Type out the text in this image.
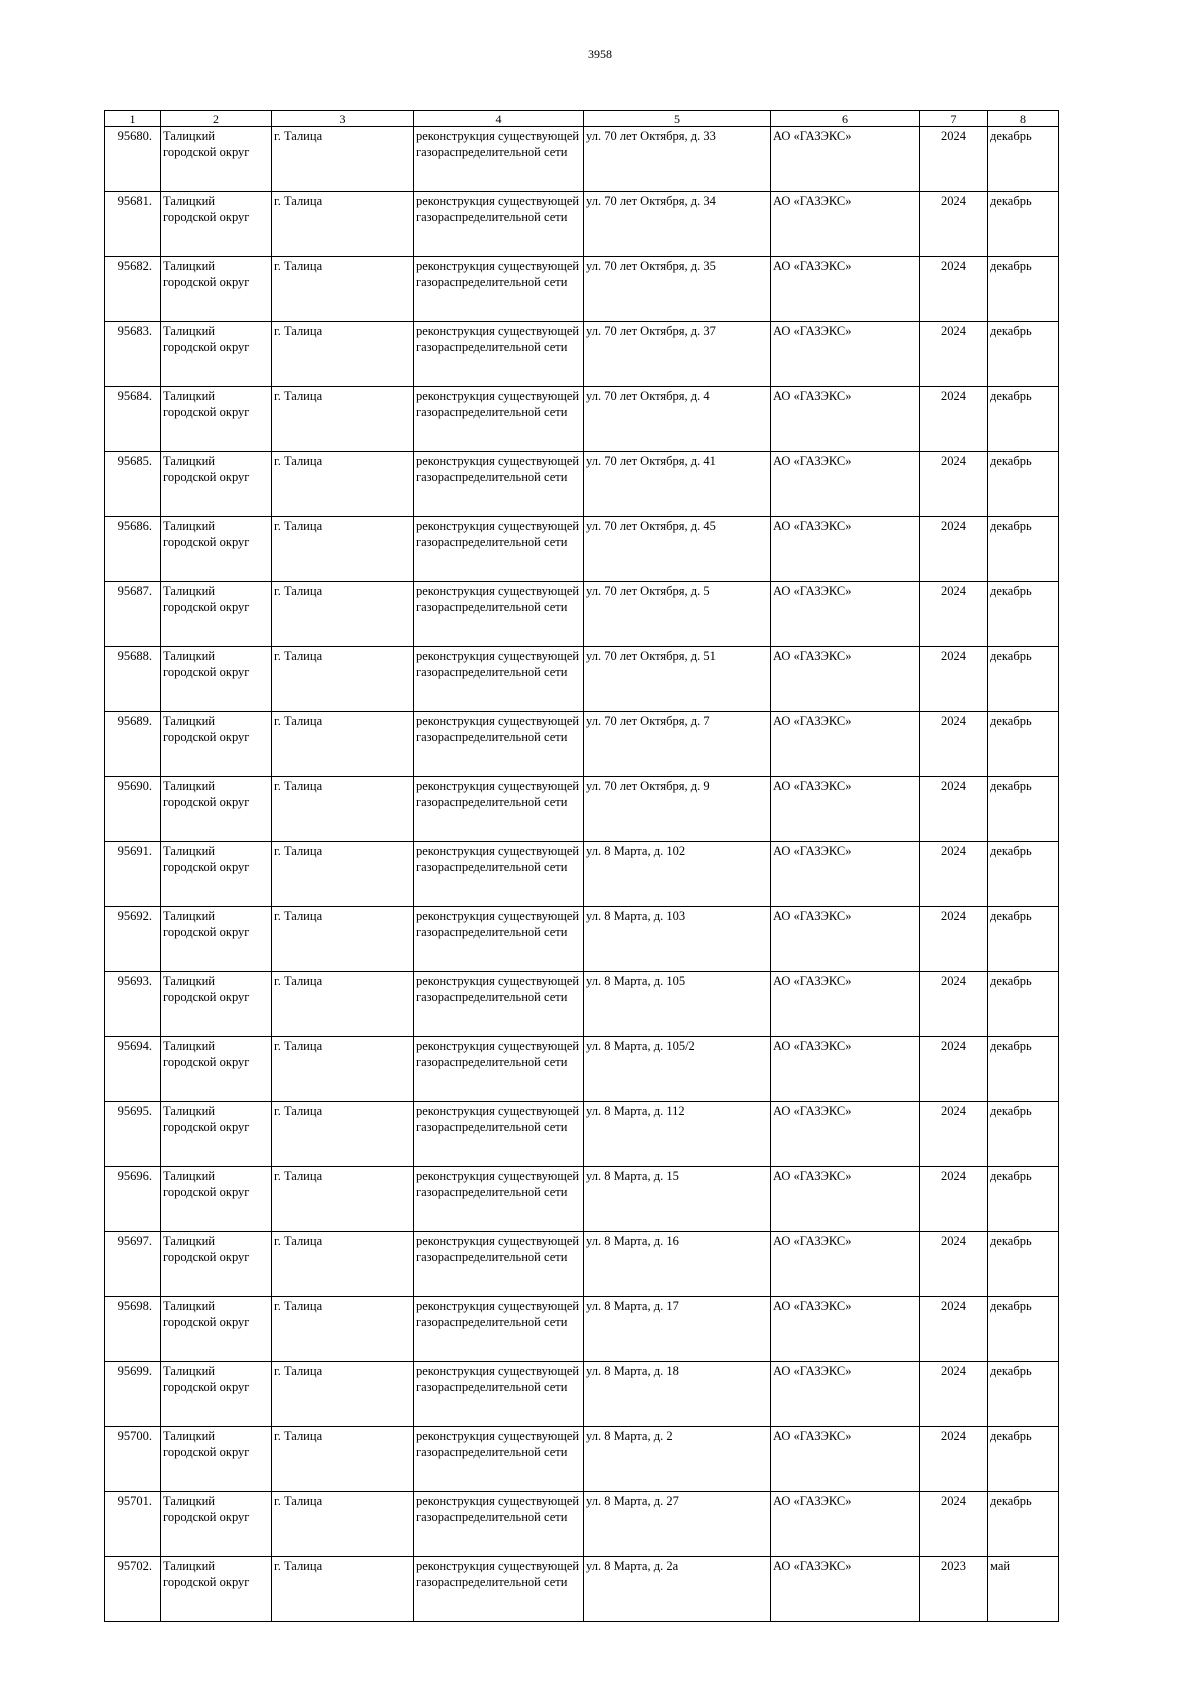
3958
1	2	3	4	5	6	7	8
95680.	Талицкий городской округ	г. Талица	реконструкция существующей газораспределительной сети	ул. 70 лет Октября, д. 33	АО «ГАЗЭКС»	2024	декабрь
95681.	Талицкий городской округ	г. Талица	реконструкция существующей газораспределительной сети	ул. 70 лет Октября, д. 34	АО «ГАЗЭКС»	2024	декабрь
95682.	Талицкий городской округ	г. Талица	реконструкция существующей газораспределительной сети	ул. 70 лет Октября, д. 35	АО «ГАЗЭКС»	2024	декабрь
95683.	Талицкий городской округ	г. Талица	реконструкция существующей газораспределительной сети	ул. 70 лет Октября, д. 37	АО «ГАЗЭКС»	2024	декабрь
95684.	Талицкий городской округ	г. Талица	реконструкция существующей газораспределительной сети	ул. 70 лет Октября, д. 4	АО «ГАЗЭКС»	2024	декабрь
95685.	Талицкий городской округ	г. Талица	реконструкция существующей газораспределительной сети	ул. 70 лет Октября, д. 41	АО «ГАЗЭКС»	2024	декабрь
95686.	Талицкий городской округ	г. Талица	реконструкция существующей газораспределительной сети	ул. 70 лет Октября, д. 45	АО «ГАЗЭКС»	2024	декабрь
95687.	Талицкий городской округ	г. Талица	реконструкция существующей газораспределительной сети	ул. 70 лет Октября, д. 5	АО «ГАЗЭКС»	2024	декабрь
95688.	Талицкий городской округ	г. Талица	реконструкция существующей газораспределительной сети	ул. 70 лет Октября, д. 51	АО «ГАЗЭКС»	2024	декабрь
95689.	Талицкий городской округ	г. Талица	реконструкция существующей газораспределительной сети	ул. 70 лет Октября, д. 7	АО «ГАЗЭКС»	2024	декабрь
95690.	Талицкий городской округ	г. Талица	реконструкция существующей газораспределительной сети	ул. 70 лет Октября, д. 9	АО «ГАЗЭКС»	2024	декабрь
95691.	Талицкий городской округ	г. Талица	реконструкция существующей газораспределительной сети	ул. 8 Марта, д. 102	АО «ГАЗЭКС»	2024	декабрь
95692.	Талицкий городской округ	г. Талица	реконструкция существующей газораспределительной сети	ул. 8 Марта, д. 103	АО «ГАЗЭКС»	2024	декабрь
95693.	Талицкий городской округ	г. Талица	реконструкция существующей газораспределительной сети	ул. 8 Марта, д. 105	АО «ГАЗЭКС»	2024	декабрь
95694.	Талицкий городской округ	г. Талица	реконструкция существующей газораспределительной сети	ул. 8 Марта, д. 105/2	АО «ГАЗЭКС»	2024	декабрь
95695.	Талицкий городской округ	г. Талица	реконструкция существующей газораспределительной сети	ул. 8 Марта, д. 112	АО «ГАЗЭКС»	2024	декабрь
95696.	Талицкий городской округ	г. Талица	реконструкция существующей газораспределительной сети	ул. 8 Марта, д. 15	АО «ГАЗЭКС»	2024	декабрь
95697.	Талицкий городской округ	г. Талица	реконструкция существующей газораспределительной сети	ул. 8 Марта, д. 16	АО «ГАЗЭКС»	2024	декабрь
95698.	Талицкий городской округ	г. Талица	реконструкция существующей газораспределительной сети	ул. 8 Марта, д. 17	АО «ГАЗЭКС»	2024	декабрь
95699.	Талицкий городской округ	г. Талица	реконструкция существующей газораспределительной сети	ул. 8 Марта, д. 18	АО «ГАЗЭКС»	2024	декабрь
95700.	Талицкий городской округ	г. Талица	реконструкция существующей газораспределительной сети	ул. 8 Марта, д. 2	АО «ГАЗЭКС»	2024	декабрь
95701.	Талицкий городской округ	г. Талица	реконструкция существующей газораспределительной сети	ул. 8 Марта, д. 27	АО «ГАЗЭКС»	2024	декабрь
95702.	Талицкий городской округ	г. Талица	реконструкция существующей газораспределительной сети	ул. 8 Марта, д. 2а	АО «ГАЗЭКС»	2023	май
